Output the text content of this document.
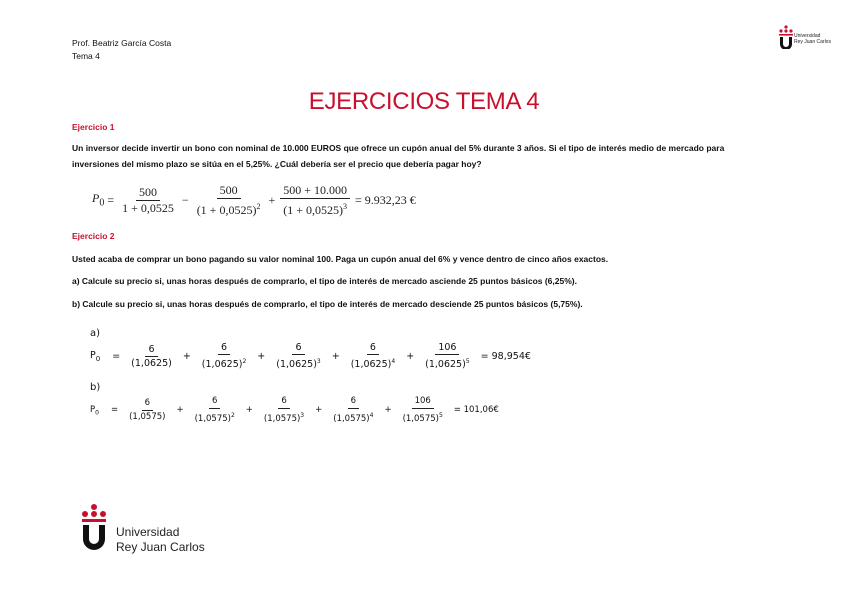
Prof. Beatriz García Costa
Tema 4
Universidad
Rey Juan Carlos
EJERCICIOS TEMA 4
Ejercicio 1
Un inversor decide invertir un bono con nominal de 10.000 EUROS que ofrece un cupón anual del 5% durante 3 años. Si el tipo de interés medio de mercado para inversiones del mismo plazo se sitúa en el 5,25%. ¿Cuál debería ser el precio que debería pagar hoy?
$P_0 = \frac{500}{1 + 0,0525} - \frac{500}{(1 + 0,0525)^2} + \frac{500 + 10.000}{(1 + 0,0525)^3} = 9.932,23$ €
Ejercicio 2
Usted acaba de comprar un bono pagando su valor nominal 100. Paga un cupón anual del 6% y vence dentro de cinco años exactos.
a) Calcule su precio si, unas horas después de comprarlo, el tipo de interés de mercado asciende 25 puntos básicos (6,25%).
b) Calcule su precio si, unas horas después de comprarlo, el tipo de interés de mercado desciende 25 puntos básicos (5,75%).
a)
$P_0 = \frac{6}{(1,0625)} + \frac{6}{(1,0625)^2} + \frac{6}{(1,0625)^3} + \frac{6}{(1,0625)^4} + \frac{106}{(1,0625)^5}$ = 98,954€
b)
$P_0 = \frac{6}{(1,0575)} + \frac{6}{(1,0575)^2} + \frac{6}{(1,0575)^3} + \frac{6}{(1,0575)^4} + \frac{106}{(1,0575)^5}$ = 101,06€
Universidad
Rey Juan Carlos
